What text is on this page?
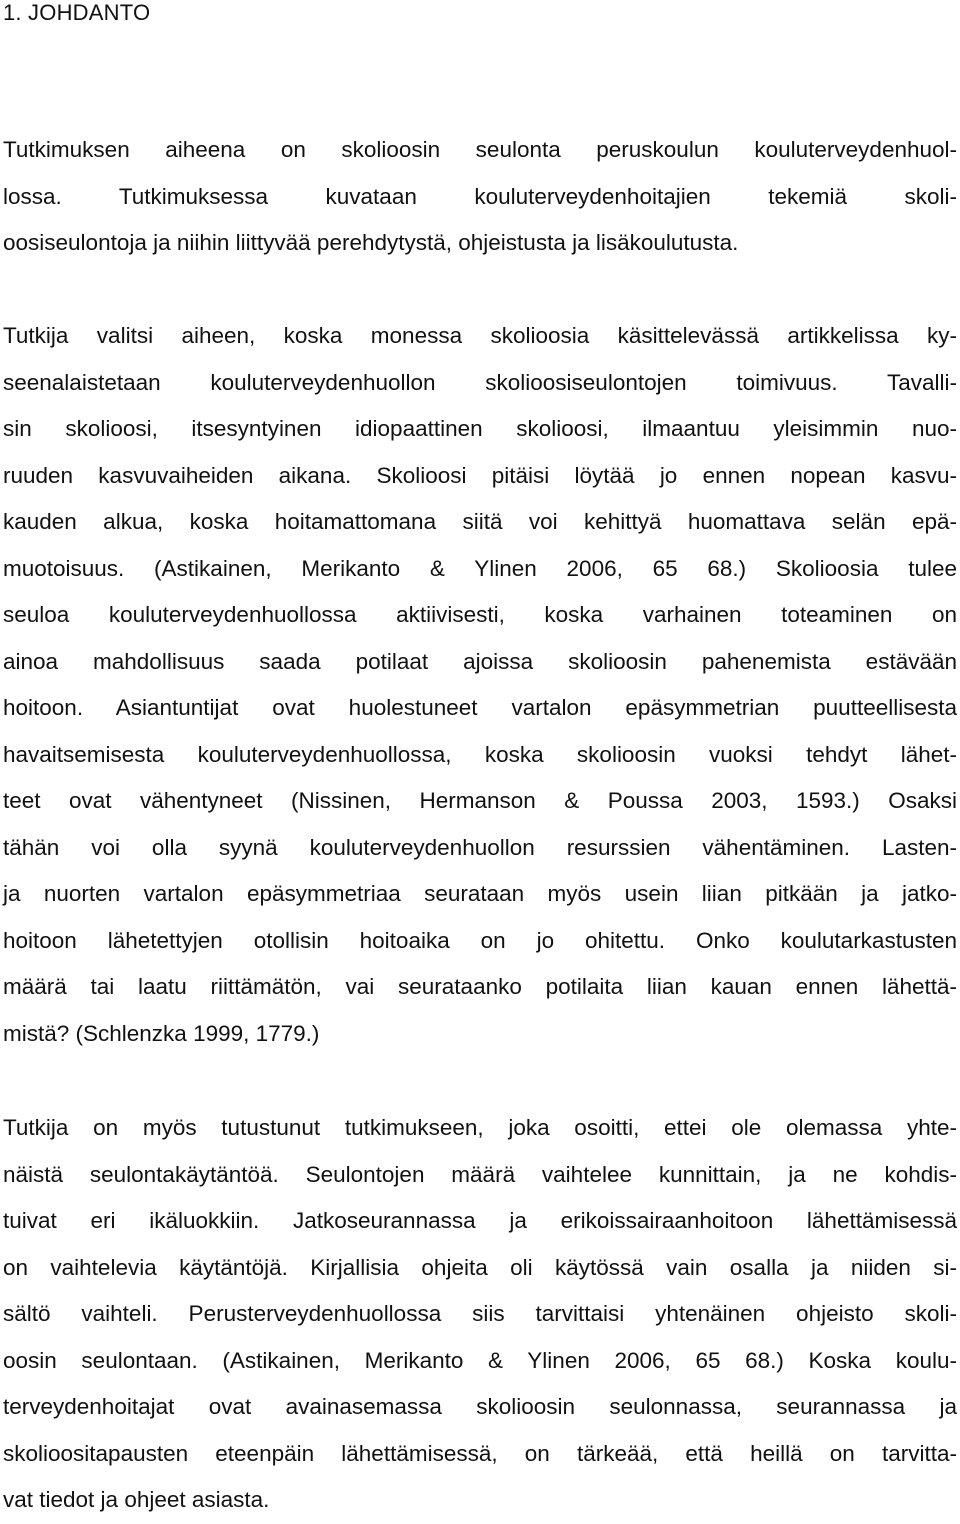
1. JOHDANTO
Tutkimuksen aiheena on skolioosin seulonta peruskoulun kouluterveydenhuol-
lossa. Tutkimuksessa kuvataan kouluterveydenhoitajien tekemiä skoli-
oosiseulontoja ja niihin liittyvää perehdytystä, ohjeistusta ja lisäkoulutusta.
Tutkija valitsi aiheen, koska monessa skolioosia käsittelevässä artikkelissa ky-
seenalaistetaan kouluterveydenhuollon skolioosiseulontojen toimivuus. Tavalli-
sin skolioosi, itsesyntyinen idiopaattinen skolioosi, ilmaantuu yleisimmin nuo-
ruuden kasvuvaiheiden aikana. Skolioosi pitäisi löytää jo ennen nopean kasvu-
kauden alkua, koska hoitamattomana siitä voi kehittyä huomattava selän epä-
muotoisuus. (Astikainen, Merikanto & Ylinen 2006, 65 68.) Skolioosia tulee
seuloa kouluterveydenhuollossa aktiivisesti, koska varhainen toteaminen on
ainoa mahdollisuus saada potilaat ajoissa skolioosin pahenemista estävään
hoitoon. Asiantuntijat ovat huolestuneet vartalon epäsymmetrian puutteellisesta
havaitsemisesta kouluterveydenhuollossa, koska skolioosin vuoksi tehdyt lähet-
teet ovat vähentyneet (Nissinen, Hermanson & Poussa 2003, 1593.) Osaksi
tähän voi olla syynä kouluterveydenhuollon resurssien vähentäminen. Lasten-
ja nuorten vartalon epäsymmetriaa seurataan myös usein liian pitkään ja jatko-
hoitoon lähetettyjen otollisin hoitoaika on jo ohitettu. Onko koulutarkastusten
määrä tai laatu riittämätön, vai seurataanko potilaita liian kauan ennen lähettä-
mistä? (Schlenzka 1999, 1779.)
Tutkija on myös tutustunut tutkimukseen, joka osoitti, ettei ole olemassa yhte-
näistä seulontakäytäntöä. Seulontojen määrä vaihtelee kunnittain, ja ne kohdis-
tuivat eri ikäluokkiin. Jatkoseurannassa ja erikoissairaanhoitoon lähettämisessä
on vaihtelevia käytäntöjä. Kirjallisia ohjeita oli käytössä vain osalla ja niiden si-
sältö vaihteli. Perusterveydenhuollossa siis tarvittaisi yhtenäinen ohjeisto skoli-
oosin seulontaan. (Astikainen, Merikanto & Ylinen 2006, 65 68.) Koska koulu-
terveydenhoitajat ovat avainasemassa skolioosin seulonnassa, seurannassa ja
skolioositapausten eteenpäin lähettämisessä, on tärkeää, että heillä on tarvitta-
vat tiedot ja ohjeet asiasta.
